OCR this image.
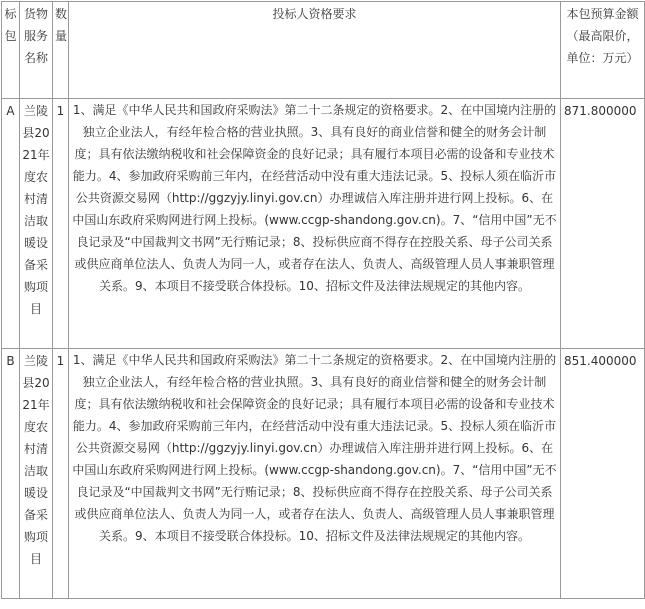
标包	货物服务名称	数量	投标人资格要求	本包预算金额（最高限价，单位：万元）
A	兰陵县2021年度农村清洁取暖设备采购项目	1	1、满足《中华人民共和国政府采购法》第二十二条规定的资格要求。2、在中国境内注册的独立企业法人，有经年检合格的营业执照。3、具有良好的商业信誉和健全的财务会计制度；具有依法缴纳税收和社会保障资金的良好记录；具有履行本项目必需的设备和专业技术能力。4、参加政府采购前三年内，在经营活动中没有重大违法记录。5、投标人须在临沂市公共资源交易网（http://ggzyjy.linyi.gov.cn）办理诚信入库注册并进行网上投标。6、在中国山东政府采购网进行网上投标。(www.ccgp-shandong.gov.cn)。7、“信用中国”无不良记录及“中国裁判文书网”无行贿记录；8、投标供应商不得存在控股关系、母子公司关系或供应商单位法人、负责人为同一人，或者存在法人、负责人、高级管理人员人事兼职管理关系。9、本项目不接受联合体投标。10、招标文件及法律法规规定的其他内容。	871.800000
B	兰陵县2021年度农村清洁取暖设备采购项目	1	1、满足《中华人民共和国政府采购法》第二十二条规定的资格要求。2、在中国境内注册的独立企业法人，有经年检合格的营业执照。3、具有良好的商业信誉和健全的财务会计制度；具有依法缴纳税收和社会保障资金的良好记录；具有履行本项目必需的设备和专业技术能力。4、参加政府采购前三年内，在经营活动中没有重大违法记录。5、投标人须在临沂市公共资源交易网（http://ggzyjy.linyi.gov.cn）办理诚信入库注册并进行网上投标。6、在中国山东政府采购网进行网上投标。(www.ccgp-shandong.gov.cn)。7、“信用中国”无不良记录及“中国裁判文书网”无行贿记录；8、投标供应商不得存在控股关系、母子公司关系或供应商单位法人、负责人为同一人，或者存在法人、负责人、高级管理人员人事兼职管理关系。9、本项目不接受联合体投标。10、招标文件及法律法规规定的其他内容。	851.400000
